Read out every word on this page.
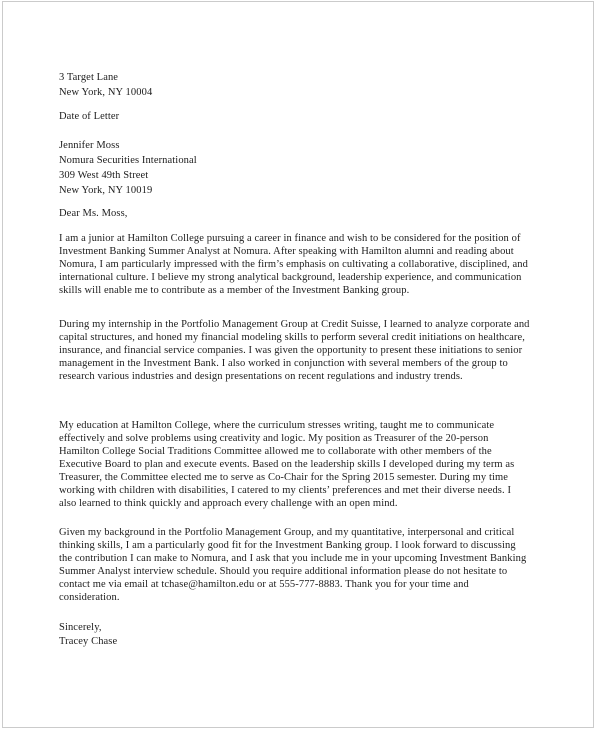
3 Target Lane
New York, NY 10004
Date of Letter
Jennifer Moss
Nomura Securities International
309 West 49th Street
New York, NY 10019
Dear Ms. Moss,

I am a junior at Hamilton College pursuing a career in finance and wish to be considered for the position of Investment Banking Summer Analyst at Nomura. After speaking with Hamilton alumni and reading about Nomura, I am particularly impressed with the firm’s emphasis on cultivating a collaborative, disciplined, and international culture. I believe my strong analytical background, leadership experience, and communication skills will enable me to contribute as a member of the Investment Banking group.

During my internship in the Portfolio Management Group at Credit Suisse, I learned to analyze corporate and capital structures, and honed my financial modeling skills to perform several credit initiations on healthcare, insurance, and financial service companies. I was given the opportunity to present these initiations to senior management in the Investment Bank. I also worked in conjunction with several members of the group to research various industries and design presentations on recent regulations and industry trends.

My education at Hamilton College, where the curriculum stresses writing, taught me to communicate effectively and solve problems using creativity and logic. My position as Treasurer of the 20-person Hamilton College Social Traditions Committee allowed me to collaborate with other members of the Executive Board to plan and execute events. Based on the leadership skills I developed during my term as Treasurer, the Committee elected me to serve as Co-Chair for the Spring 2015 semester. During my time working with children with disabilities, I catered to my clients’ preferences and met their diverse needs. I also learned to think quickly and approach every challenge with an open mind.

Given my background in the Portfolio Management Group, and my quantitative, interpersonal and critical thinking skills, I am a particularly good fit for the Investment Banking group. I look forward to discussing the contribution I can make to Nomura, and I ask that you include me in your upcoming Investment Banking Summer Analyst interview schedule. Should you require additional information please do not hesitate to contact me via email at tchase@hamilton.edu or at 555-777-8883. Thank you for your time and consideration.

Sincerely,
Tracey Chase
